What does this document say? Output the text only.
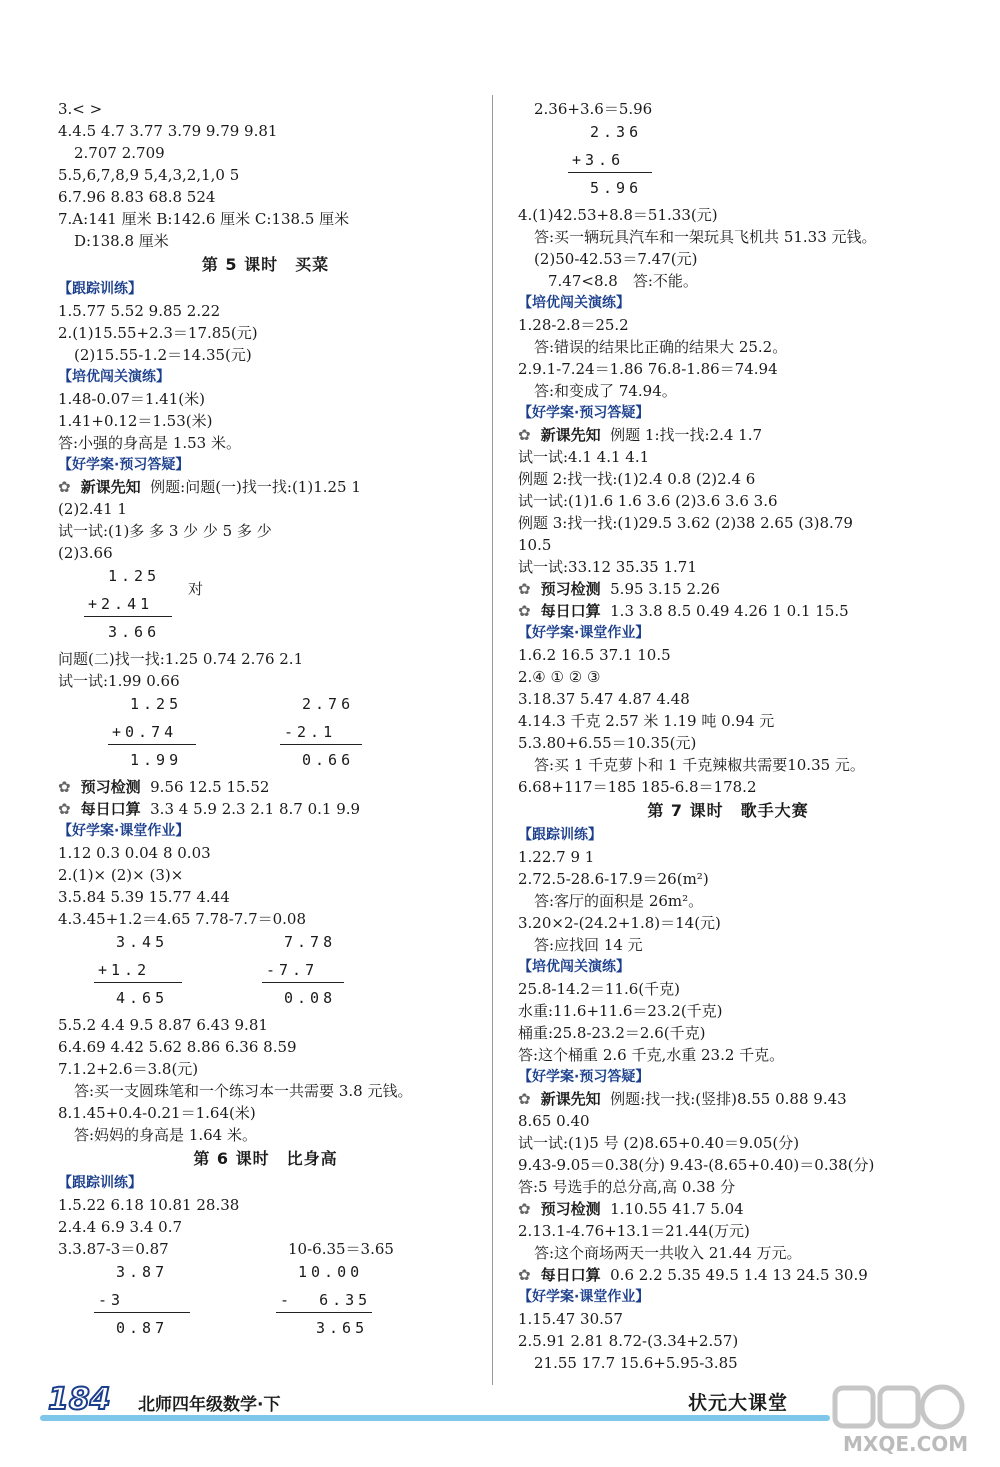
3.< >
4.4.5 4.7 3.77 3.79 9.79 9.81
2.707 2.709
5.5,6,7,8,9 5,4,3,2,1,0 5
6.7.96 8.83 68.8 524
7.A:141 厘米 B:142.6 厘米 C:138.5 厘米
D:138.8 厘米
第 5 课时　买菜
【跟踪训练】
1.5.77 5.52 9.85 2.22
2.(1)15.55+2.3＝17.85(元)
(2)15.55-1.2＝14.35(元)
【培优闯关演练】
1.48-0.07＝1.41(米)
1.41+0.12＝1.53(米)
答:小强的身高是 1.53 米。
【好学案·预习答疑】
✿ 新课先知 例题:问题(一)找一找:(1)1.25 1
(2)2.41 1
试一试:(1)多 多 3 少 少 5 多 少
(2)3.66
1.25
+2.41
3.66
对
问题(二)找一找:1.25 0.74 2.76 2.1
试一试:1.99 0.66
1.25
+0.74
1.99
2.76
-2.1
0.66
✿ 预习检测 9.56 12.5 15.52
✿ 每日口算 3.3 4 5.9 2.3 2.1 8.7 0.1 9.9
【好学案·课堂作业】
1.12 0.3 0.04 8 0.03
2.(1)× (2)× (3)×
3.5.84 5.39 15.77 4.44
4.3.45+1.2＝4.65 7.78-7.7＝0.08
3.45
+1.2
4.65
7.78
-7.7
0.08
5.5.2 4.4 9.5 8.87 6.43 9.81
6.4.69 4.42 5.62 8.86 6.36 8.59
7.1.2+2.6＝3.8(元)
答:买一支圆珠笔和一个练习本一共需要 3.8 元钱。
8.1.45+0.4-0.21＝1.64(米)
答:妈妈的身高是 1.64 米。
第 6 课时　比身高
【跟踪训练】
1.5.22 6.18 10.81 28.38
2.4.4 6.9 3.4 0.7
3.3.87-3＝0.87	10-6.35＝3.65
3.87
-3
0.87
10.00
-  6.35
3.65
2.36+3.6＝5.96
2.36
+3.6
5.96
4.(1)42.53+8.8＝51.33(元)
答:买一辆玩具汽车和一架玩具飞机共 51.33 元钱。
(2)50-42.53＝7.47(元)
7.47<8.8　答:不能。
【培优闯关演练】
1.28-2.8＝25.2
答:错误的结果比正确的结果大 25.2。
2.9.1-7.24＝1.86 76.8-1.86＝74.94
答:和变成了 74.94。
【好学案·预习答疑】
✿ 新课先知 例题 1:找一找:2.4 1.7
试一试:4.1 4.1 4.1
例题 2:找一找:(1)2.4 0.8 (2)2.4 6
试一试:(1)1.6 1.6 3.6 (2)3.6 3.6 3.6
例题 3:找一找:(1)29.5 3.62 (2)38 2.65 (3)8.79
10.5
试一试:33.12 35.35 1.71
✿ 预习检测 5.95 3.15 2.26
✿ 每日口算 1.3 3.8 8.5 0.49 4.26 1 0.1 15.5
【好学案·课堂作业】
1.6.2 16.5 37.1 10.5
2.④ ① ② ③
3.18.37 5.47 4.87 4.48
4.14.3 千克 2.57 米 1.19 吨 0.94 元
5.3.80+6.55＝10.35(元)
答:买 1 千克萝卜和 1 千克辣椒共需要10.35 元。
6.68+117＝185 185-6.8＝178.2
第 7 课时　歌手大赛
【跟踪训练】
1.22.7 9 1
2.72.5-28.6-17.9＝26(m²)
答:客厅的面积是 26m²。
3.20×2-(24.2+1.8)＝14(元)
答:应找回 14 元
【培优闯关演练】
25.8-14.2＝11.6(千克)
水重:11.6+11.6＝23.2(千克)
桶重:25.8-23.2＝2.6(千克)
答:这个桶重 2.6 千克,水重 23.2 千克。
【好学案·预习答疑】
✿ 新课先知 例题:找一找:(竖排)8.55 0.88 9.43
8.65 0.40
试一试:(1)5 号 (2)8.65+0.40＝9.05(分)
9.43-9.05＝0.38(分) 9.43-(8.65+0.40)＝0.38(分)
答:5 号选手的总分高,高 0.38 分
✿ 预习检测 1.10.55 41.7 5.04
2.13.1-4.76+13.1＝21.44(万元)
答:这个商场两天一共收入 21.44 万元。
✿ 每日口算 0.6 2.2 5.35 49.5 1.4 13 24.5 30.9
【好学案·课堂作业】
1.15.47 30.57
2.5.91 2.81 8.72-(3.34+2.57)
21.55 17.7 15.6+5.95-3.85
184 北师四年级数学·下	状元大课堂
MXQE.COM
